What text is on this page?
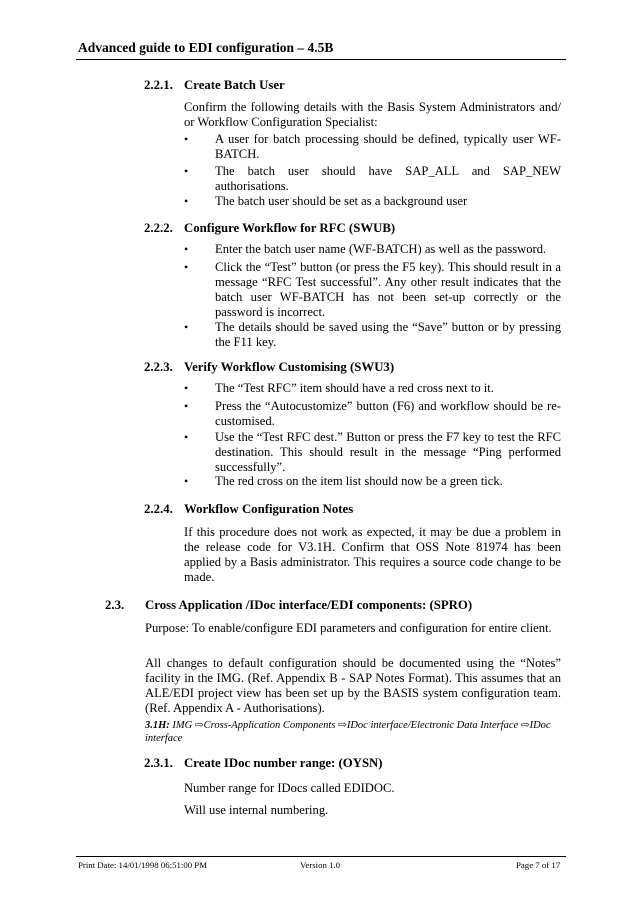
Advanced guide to EDI configuration – 4.5B
2.2.1. Create Batch User
Confirm the following details with the Basis System Administrators and/ or Workflow Configuration Specialist:
•	A user for batch processing should be defined, typically user WF-BATCH.
•	The batch user should have SAP_ALL and SAP_NEW authorisations.
•	The batch user should be set as a background user
2.2.2. Configure Workflow for RFC (SWUB)
•	Enter the batch user name (WF-BATCH) as well as the password.
•	Click the “Test” button (or press the F5 key). This should result in a message “RFC Test successful”. Any other result indicates that the batch user WF-BATCH has not been set-up correctly or the password is incorrect.
•	The details should be saved using the “Save” button or by pressing the F11 key.
2.2.3. Verify Workflow Customising (SWU3)
•	The “Test RFC” item should have a red cross next to it.
•	Press the “Autocustomize” button (F6) and workflow should be re-customised.
•	Use the “Test RFC dest.” Button or press the F7 key to test the RFC destination. This should result in the message “Ping performed successfully”.
•	The red cross on the item list should now be a green tick.
2.2.4. Workflow Configuration Notes
If this procedure does not work as expected, it may be due a problem in the release code for V3.1H. Confirm that OSS Note 81974 has been applied by a Basis administrator. This requires a source code change to be made.
2.3. Cross Application /IDoc interface/EDI components: (SPRO)
Purpose: To enable/configure EDI parameters and configuration for entire client.
All changes to default configuration should be documented using the “Notes” facility in the IMG. (Ref. Appendix B - SAP Notes Format). This assumes that an ALE/EDI project view has been set up by the BASIS system configuration team. (Ref. Appendix A - Authorisations).
3.1H: IMG ⇨Cross-Application Components ⇨IDoc interface/Electronic Data Interface ⇨IDoc interface
2.3.1. Create IDoc number range: (OYSN)
Number range for IDocs called EDIDOC.
Will use internal numbering.
Print Date: 14/01/1998 06:51:00 PM	Version 1.0	Page 7 of 17
